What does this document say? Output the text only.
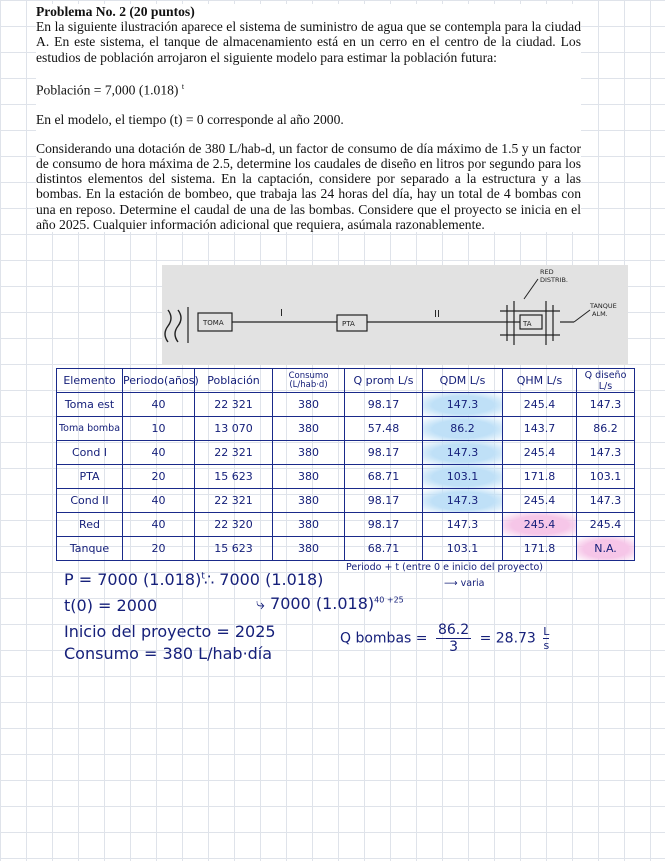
Problema No. 2 (20 puntos)

En la siguiente ilustración aparece el sistema de suministro de agua que se contempla para la ciudad A. En este sistema, el tanque de almacenamiento está en un cerro en el centro de la ciudad. Los estudios de población arrojaron el siguiente modelo para estimar la población futura:

Población = 7,000 (1.018) $^t$

En el modelo, el tiempo (t) = 0 corresponde al año 2000.

Considerando una dotación de 380 L/hab-d, un factor de consumo de día máximo de 1.5 y un factor de consumo de hora máxima de 2.5, determine los caudales de diseño en litros por segundo para los distintos elementos del sistema. En la captación, considere por separado a la estructura y a las bombas. En la estación de bombeo, que trabaja las 24 horas del día, hay un total de 4 bombas con una en reposo. Determine el caudal de una de las bombas. Considere que el proyecto se inicia en el año 2025. Cualquier información adicional que requiera, asúmala razonablemente.

TOMA
I
PTA
II
TA
RED
DISTRIB.
TANQUE
ALM.
Elemento	Periodo(años)	Población	Consumo (L/hab·d)	Q prom L/s	QDM L/s	QHM L/s	Q diseño L/s
Toma est	40	22 321	380	98.17	147.3	245.4	147.3
Toma bomba	10	13 070	380	57.48	86.2	143.7	86.2
Cond I	40	22 321	380	98.17	147.3	245.4	147.3
PTA	20	15 623	380	68.71	103.1	171.8	103.1
Cond II	40	22 321	380	98.17	147.3	245.4	147.3
Red	40	22 320	380	98.17	147.3	245.4	245.4
Tanque	20	15 623	380	68.71	103.1	171.8	N.A.
P = 7000 $(1.018)^t$ ∴ 7000 (1.018)
Periodo + t (entre 0 e inicio del proyecto)
⟶ varia
t(0) = 2000	⤷ 7000 $(1.018)^{40 +25}$
Inicio del proyecto = 2025	Q bombas = $\frac{86.2}{3} = 28.73 \frac{L}{s}$
Consumo = 380 L/hab·día
